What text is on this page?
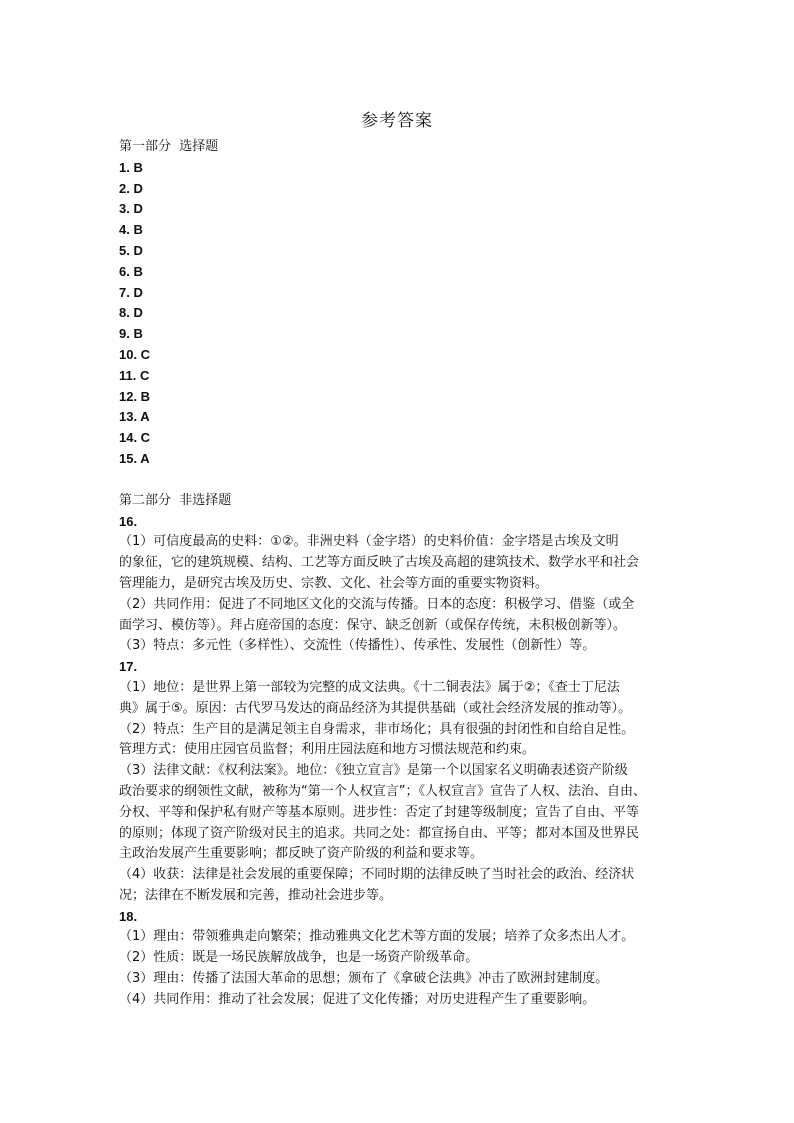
参考答案
第一部分  选择题
1. B
2. D
3. D
4. B
5. D
6. B
7. D
8. D
9. B
10. C
11. C
12. B
13. A
14. C
15. A
第二部分  非选择题
16.
（1）可信度最高的史料：①②。非洲史料（金字塔）的史料价值：金字塔是古埃及文明
的象征，它的建筑规模、结构、工艺等方面反映了古埃及高超的建筑技术、数学水平和社会
管理能力，是研究古埃及历史、宗教、文化、社会等方面的重要实物资料。
（2）共同作用：促进了不同地区文化的交流与传播。日本的态度：积极学习、借鉴（或全
面学习、模仿等）。拜占庭帝国的态度：保守、缺乏创新（或保存传统，未积极创新等）。
（3）特点：多元性（多样性）、交流性（传播性）、传承性、发展性（创新性）等。
17.
（1）地位：是世界上第一部较为完整的成文法典。《十二铜表法》属于②；《查士丁尼法
典》属于⑤。原因：古代罗马发达的商品经济为其提供基础（或社会经济发展的推动等）。
（2）特点：生产目的是满足领主自身需求，非市场化；具有很强的封闭性和自给自足性。
管理方式：使用庄园官员监督；利用庄园法庭和地方习惯法规范和约束。
（3）法律文献：《权利法案》。地位：《独立宣言》是第一个以国家名义明确表述资产阶级
政治要求的纲领性文献，被称为“第一个人权宣言”；《人权宣言》宣告了人权、法治、自由、
分权、平等和保护私有财产等基本原则。进步性：否定了封建等级制度；宣告了自由、平等
的原则；体现了资产阶级对民主的追求。共同之处：都宣扬自由、平等；都对本国及世界民
主政治发展产生重要影响；都反映了资产阶级的利益和要求等。
（4）收获：法律是社会发展的重要保障；不同时期的法律反映了当时社会的政治、经济状
况；法律在不断发展和完善，推动社会进步等。
18.
（1）理由：带领雅典走向繁荣；推动雅典文化艺术等方面的发展；培养了众多杰出人才。
（2）性质：既是一场民族解放战争，也是一场资产阶级革命。
（3）理由：传播了法国大革命的思想；颁布了《拿破仑法典》冲击了欧洲封建制度。
（4）共同作用：推动了社会发展；促进了文化传播；对历史进程产生了重要影响。
